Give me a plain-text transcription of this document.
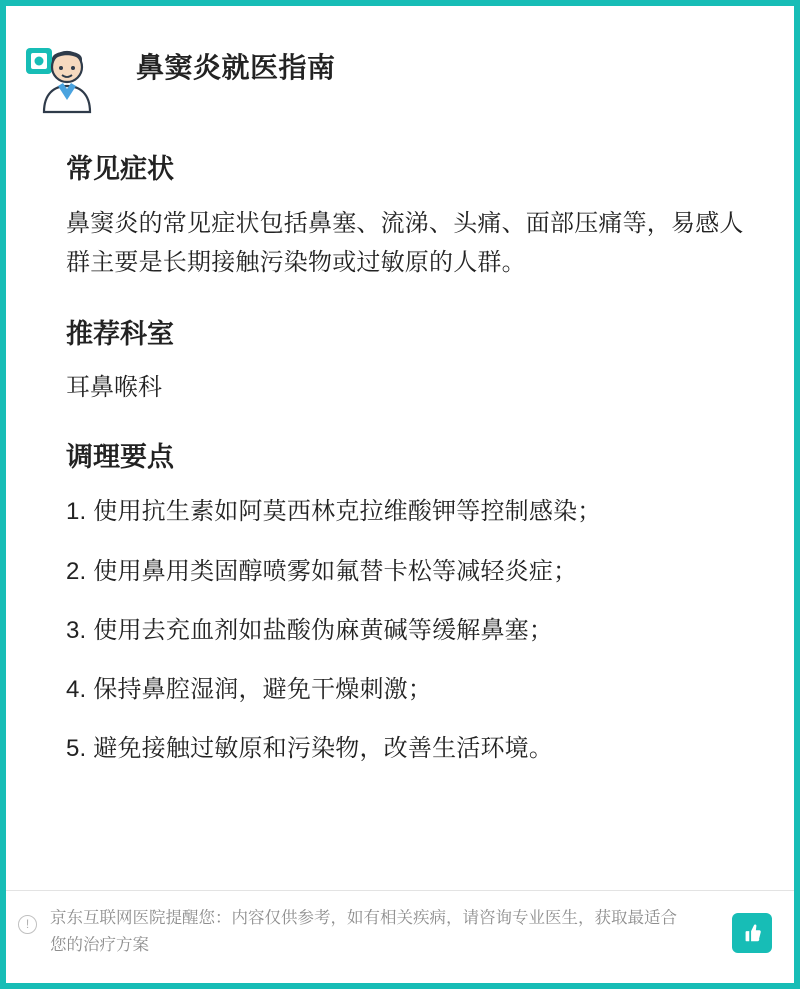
鼻窦炎就医指南
常见症状

鼻窦炎的常见症状包括鼻塞、流涕、头痛、面部压痛等，易感人群主要是长期接触污染物或过敏原的人群。

推荐科室

耳鼻喉科

调理要点
1. 使用抗生素如阿莫西林克拉维酸钾等控制感染；
2. 使用鼻用类固醇喷雾如氟替卡松等减轻炎症；
3. 使用去充血剂如盐酸伪麻黄碱等缓解鼻塞；
4. 保持鼻腔湿润，避免干燥刺激；
5. 避免接触过敏原和污染物，改善生活环境。
!	京东互联网医院提醒您：内容仅供参考，如有相关疾病，请咨询专业医生，获取最适合您的治疗方案
